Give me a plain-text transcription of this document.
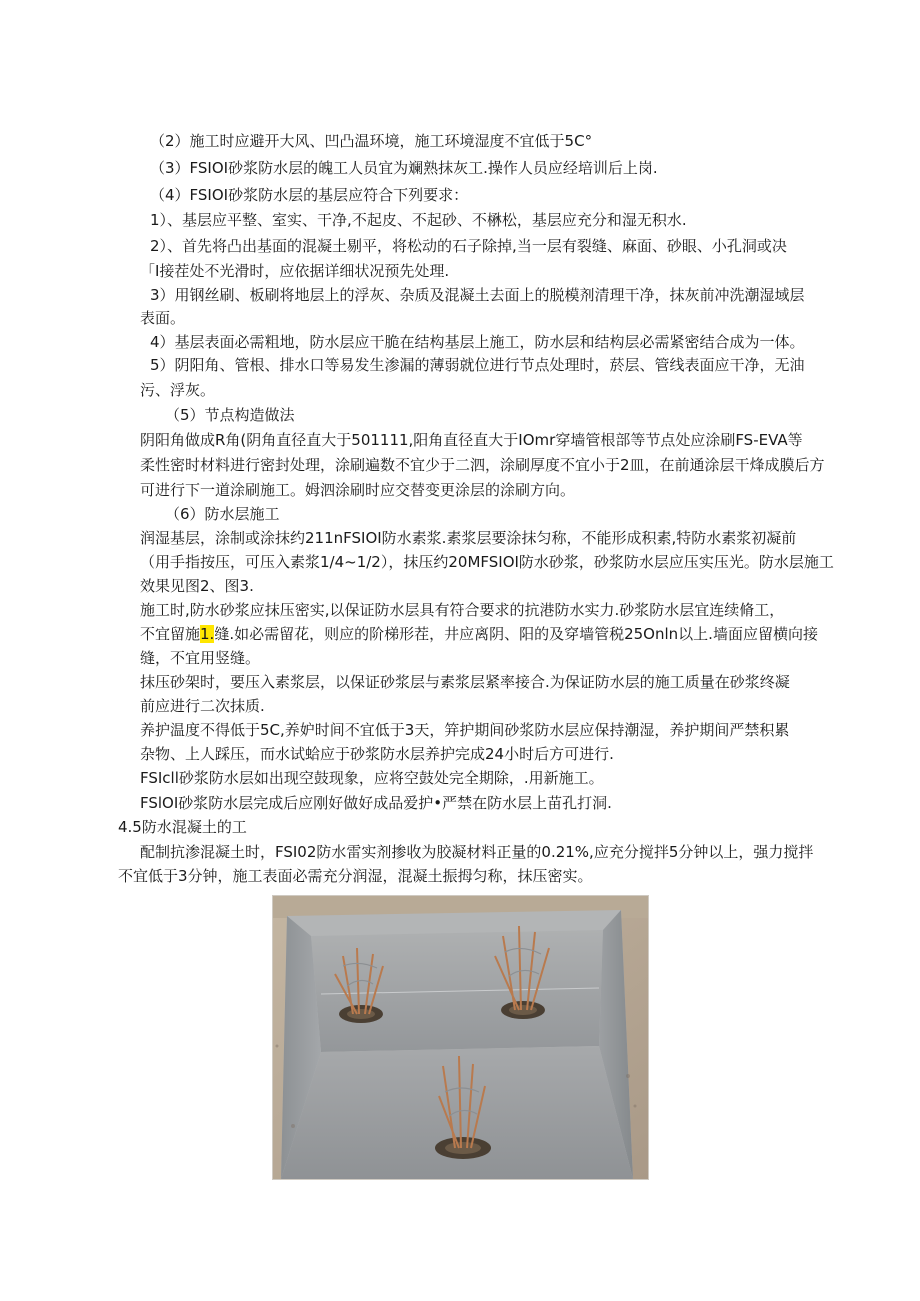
（2）施工时应避开大风、凹凸温环境，施工环境湿度不宜低于5C°
（3）FSIOI砂浆防水层的魄工人员宜为斓熟抹灰工.操作人员应经培训后上岗.
（4）FSIOI砂浆防水层的基层应符合下列要求：
1）、基层应平整、室实、干净,不起皮、不起砂、不楙松，基层应充分和湿无积水.
2）、首先将凸出基面的混凝土剔平，将松动的石子除掉,当一层有裂缝、麻面、砂眼、小孔洞或决
「I接茬处不光滑时，应依据详细状况预先处理.
3）用钢丝刷、板刷将地层上的浮灰、杂质及混凝土去面上的脱模剂清理干净，抹灰前冲洗潮湿域层
表面。
4）基层表面必需粗地，防水层应干脆在结构基层上施工，防水层和结构层必需紧密结合成为一体。
5）阴阳角、管根、排水口等易发生渗漏的薄弱就位进行节点处理时，菸层、管线表面应干净，无油
污、浮灰。
（5）节点构造做法
阴阳角做成R角(阴角直径直大于501111,阳角直径直大于IOmr穿墙管根部等节点处应涂刷FS-EVA等
柔性密时材料进行密封处理，涂刷遍数不宜少于二泗，涂刷厚度不宜小于2皿，在前通涂层干烽成膜后方
可进行下一道涂刷施工。姆泗涂刷时应交替变更涂层的涂刷方向。
（6）防水层施工
润湿基层，涂制或涂抹约211nFSIOI防水素浆.素浆层要涂抹匀称，不能形成积素,特防水素浆初凝前
（用手指按压，可压入素浆1/4~1/2），抹压约20MFSIOI防水砂浆，砂浆防水层应压实压光。防水层施工
效果见图2、图3.
施工时,防水砂浆应抹压密实,以保证防水层具有符合要求的抗港防水实力.砂浆防水层宜连续脩工，
不宜留施1.缝.如必需留花，则应的阶梯形茬，井应离阴、阳的及穿墙管税25Onln以上.墙面应留横向接
缝，不宜用竖缝。
抹压砂架时，要压入素浆层，以保证砂浆层与素浆层紧率接合.为保证防水层的施工质量在砂浆终凝
前应进行二次抹质.
养护温度不得低于5C,养妒时间不宜低于3天，笄护期间砂浆防水层应保持潮湿，养护期间严禁积累
杂物、上人踩压，而水试蛤应于砂浆防水层养护完成24小时后方可进行.
FSIcll砂浆防水层如出现空鼓现象，应将空鼓处完全期除，.用新施工。
FSlOI砂浆防水层完成后应刚好做好成品爱护•严禁在防水层上苗孔打洞.
4.5防水混凝土的工
配制抗渗混凝土时，FSI02防水雷实剂掺收为胶凝材料正量的0.21%,应充分搅拌5分钟以上，强力搅拌
不宜低于3分钟，施工表面必需充分润湿，混凝土振拇匀称，抹压密实。
